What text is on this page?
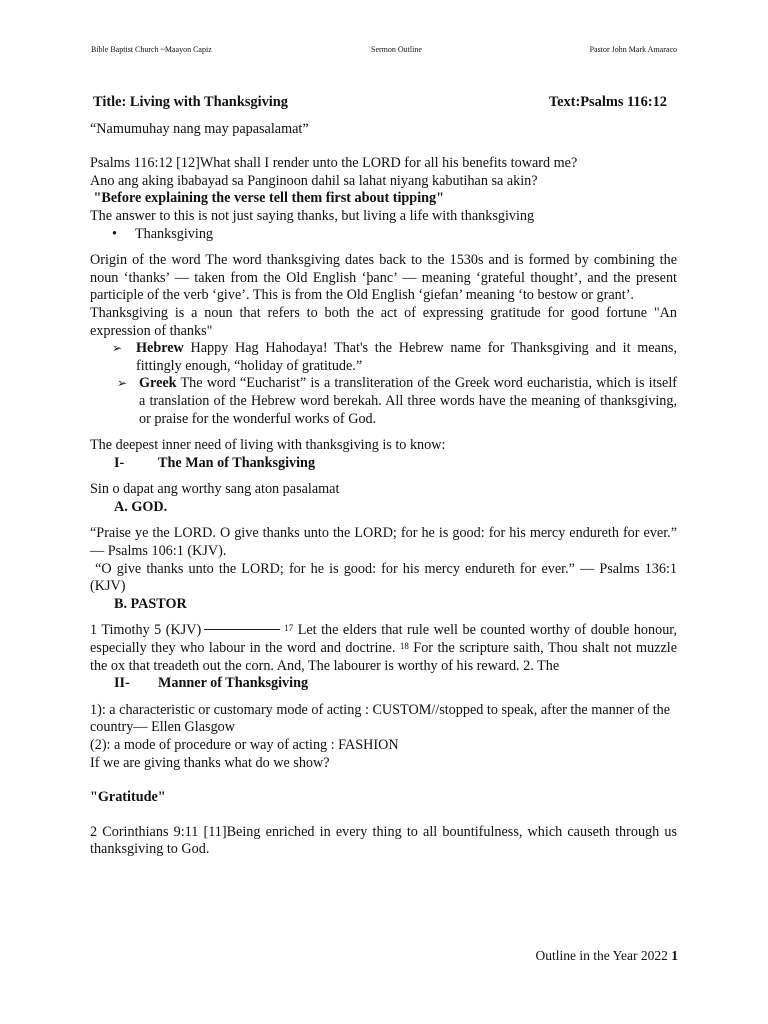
Bible Baptist Church ~Maayon Capiz	Sermon Outline	Pastor John Mark Amaraco
Title: Living with Thanksgiving	Text:Psalms 116:12

“Namumuhay nang may papasalamat”

Psalms 116:12 [12]What shall I render unto the LORD for all his benefits toward me?

Ano ang aking ibabayad sa Panginoon dahil sa lahat niyang kabutihan sa akin?

"Before explaining the verse tell them first about tipping"

The answer to this is not just saying thanks, but living a life with thanksgiving

• Thanksgiving

Origin of the word The word thanksgiving dates back to the 1530s and is formed by combining the noun ‘thanks’ — taken from the Old English ‘þanc’ — meaning ‘grateful thought’, and the present participle of the verb ‘give’. This is from the Old English ‘giefan’ meaning ‘to bestow or grant’.

Thanksgiving is a noun that refers to both the act of expressing gratitude for good fortune "An expression of thanks"

➢ Hebrew Happy Hag Hahodaya! That's the Hebrew name for Thanksgiving and it means, fittingly enough, “holiday of gratitude.”
➢ Greek The word “Eucharist” is a transliteration of the Greek word eucharistia, which is itself a translation of the Hebrew word berekah. All three words have the meaning of thanksgiving, or praise for the wonderful works of God.

The deepest inner need of living with thanksgiving is to know:

I- The Man of Thanksgiving

Sin o dapat ang worthy sang aton pasalamat

A. GOD.

“Praise ye the LORD. O give thanks unto the LORD; for he is good: for his mercy endureth for ever.” — Psalms 106:1 (KJV).

“O give thanks unto the LORD; for he is good: for his mercy endureth for ever.” — Psalms 136:1 (KJV)

B. PASTOR

1 Timothy 5 (KJV)	$^{17}$ Let the elders that rule well be counted worthy of double honour, especially they who labour in the word and doctrine. $^{18}$ For the scripture saith, Thou shalt not muzzle the ox that treadeth out the corn. And, The labourer is worthy of his reward. 2. The

II- Manner of Thanksgiving

1): a characteristic or customary mode of acting : CUSTOM//stopped to speak, after the manner of the country— Ellen Glasgow

(2): a mode of procedure or way of acting : FASHION

If we are giving thanks what do we show?

"Gratitude"

2 Corinthians 9:11 [11]Being enriched in every thing to all bountifulness, which causeth through us thanksgiving to God.

Outline in the Year 2022 1
